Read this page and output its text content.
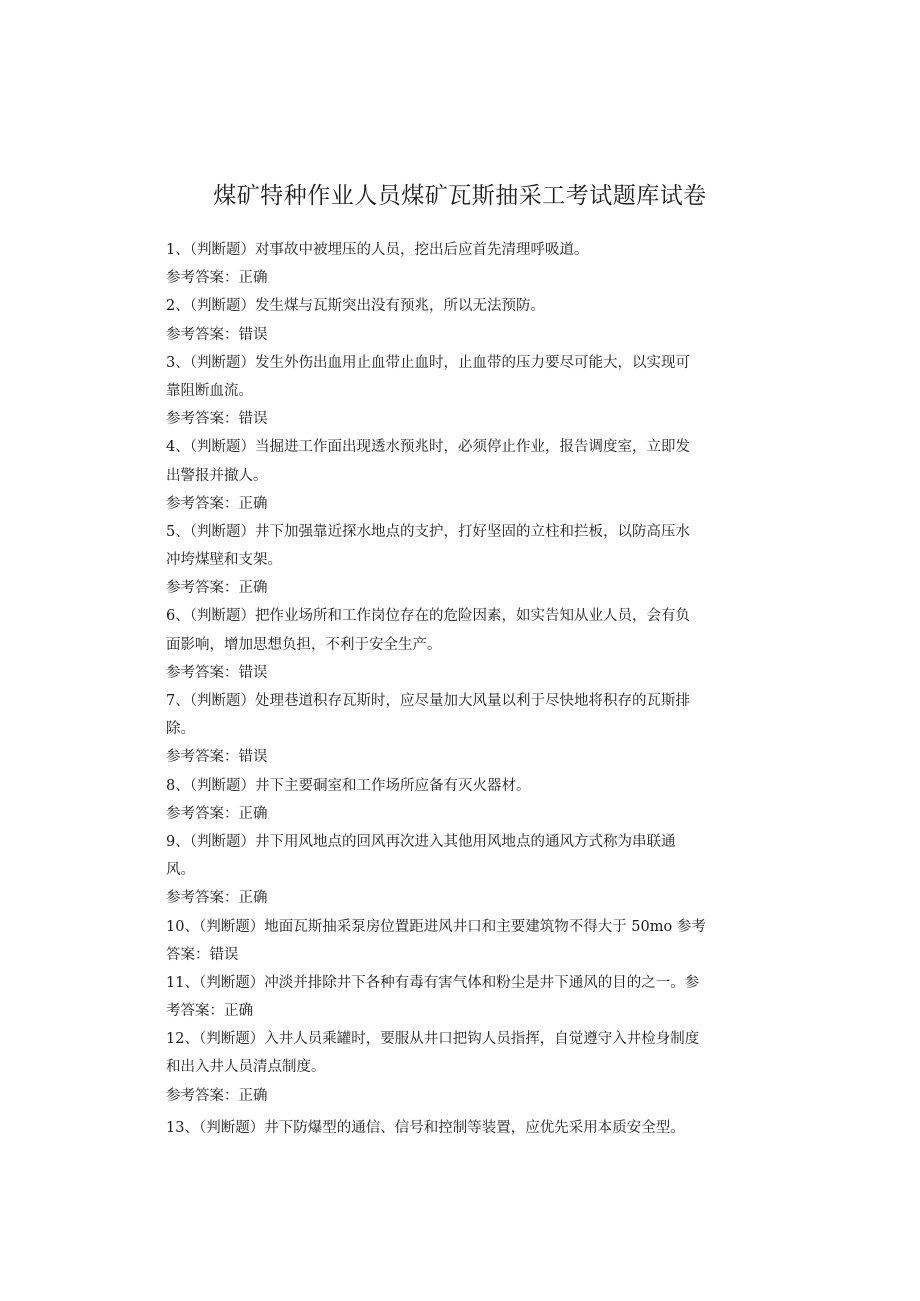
煤矿特种作业人员煤矿瓦斯抽采工考试题库试卷
1、（判断题）对事故中被埋压的人员，挖出后应首先清理呼吸道。
参考答案：正确
2、（判断题）发生煤与瓦斯突出没有预兆，所以无法预防。
参考答案：错误
3、（判断题）发生外伤出血用止血带止血时，止血带的压力要尽可能大，以实现可
靠阻断血流。
参考答案：错误
4、（判断题）当掘进工作面出现透水预兆时，必须停止作业，报告调度室，立即发
出警报并撤人。
参考答案：正确
5、（判断题）井下加强靠近探水地点的支护，打好坚固的立柱和拦板，以防高压水
冲垮煤壁和支架。
参考答案：正确
6、（判断题）把作业场所和工作岗位存在的危险因素，如实告知从业人员，会有负
面影响，增加思想负担，不利于安全生产。
参考答案：错误
7、（判断题）处理巷道积存瓦斯时，应尽量加大风量以利于尽快地将积存的瓦斯排
除。
参考答案：错误
8、（判断题）井下主要硐室和工作场所应备有灭火器材。
参考答案：正确
9、（判断题）井下用风地点的回风再次进入其他用风地点的通风方式称为串联通
风。
参考答案：正确
10、（判断题）地面瓦斯抽采泵房位置距进风井口和主要建筑物不得大于 50mo 参考
答案：错误
11、（判断题）冲淡并排除井下各种有毒有害气体和粉尘是井下通风的目的之一。参
考答案：正确
12、（判断题）入井人员乘罐时，要服从井口把钩人员指挥，自觉遵守入井检身制度
和出入井人员清点制度。
参考答案：正确
13、（判断题）井下防爆型的通信、信号和控制等装置，应优先采用本质安全型。
